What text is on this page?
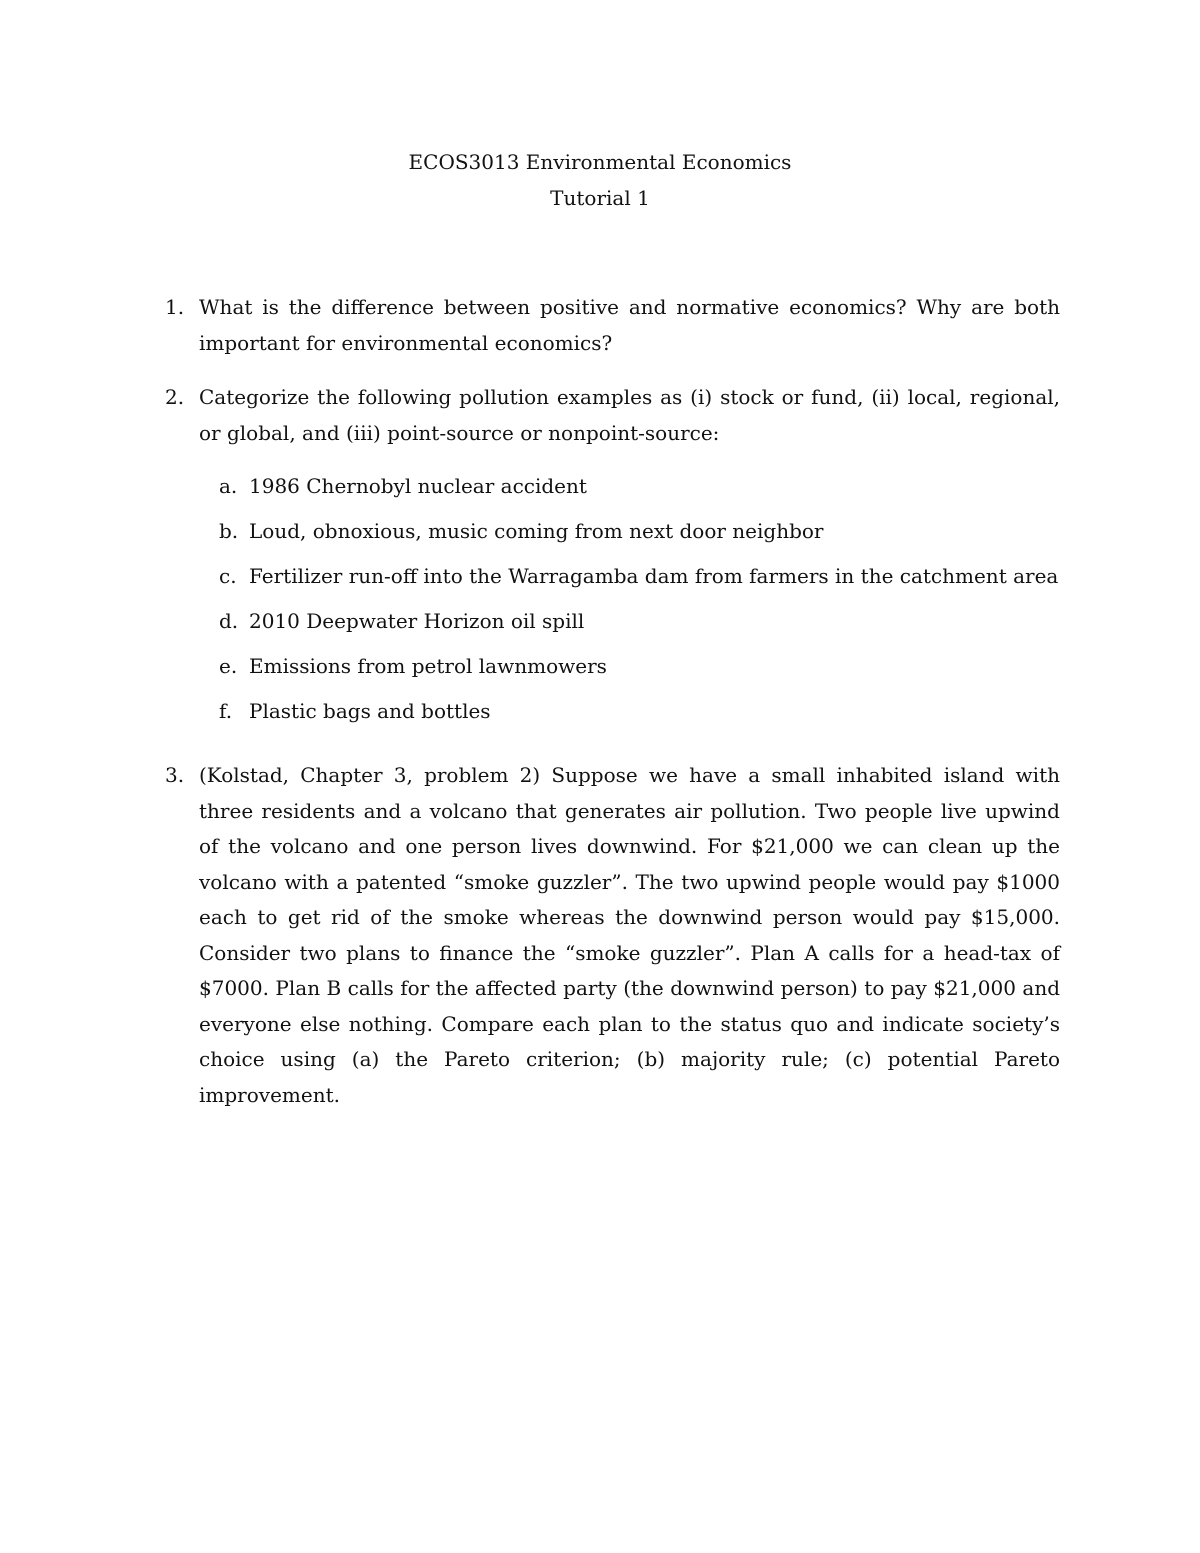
ECOS3013 Environmental Economics
Tutorial 1
1. What is the difference between positive and normative economics? Why are both important for environmental economics?

2. Categorize the following pollution examples as (i) stock or fund, (ii) local, regional, or global, and (iii) point-source or nonpoint-source:

a. 1986 Chernobyl nuclear accident
b. Loud, obnoxious, music coming from next door neighbor
c. Fertilizer run-off into the Warragamba dam from farmers in the catchment area
d. 2010 Deepwater Horizon oil spill
e. Emissions from petrol lawnmowers
f. Plastic bags and bottles
3. (Kolstad, Chapter 3, problem 2) Suppose we have a small inhabited island with three residents and a volcano that generates air pollution. Two people live upwind of the volcano and one person lives downwind. For $21,000 we can clean up the volcano with a patented “smoke guzzler”. The two upwind people would pay $1000 each to get rid of the smoke whereas the downwind person would pay $15,000. Consider two plans to finance the “smoke guzzler”. Plan A calls for a head-tax of $7000. Plan B calls for the affected party (the downwind person) to pay $21,000 and everyone else nothing. Compare each plan to the status quo and indicate society’s choice using (a) the Pareto criterion; (b) majority rule; (c) potential Pareto improvement.
